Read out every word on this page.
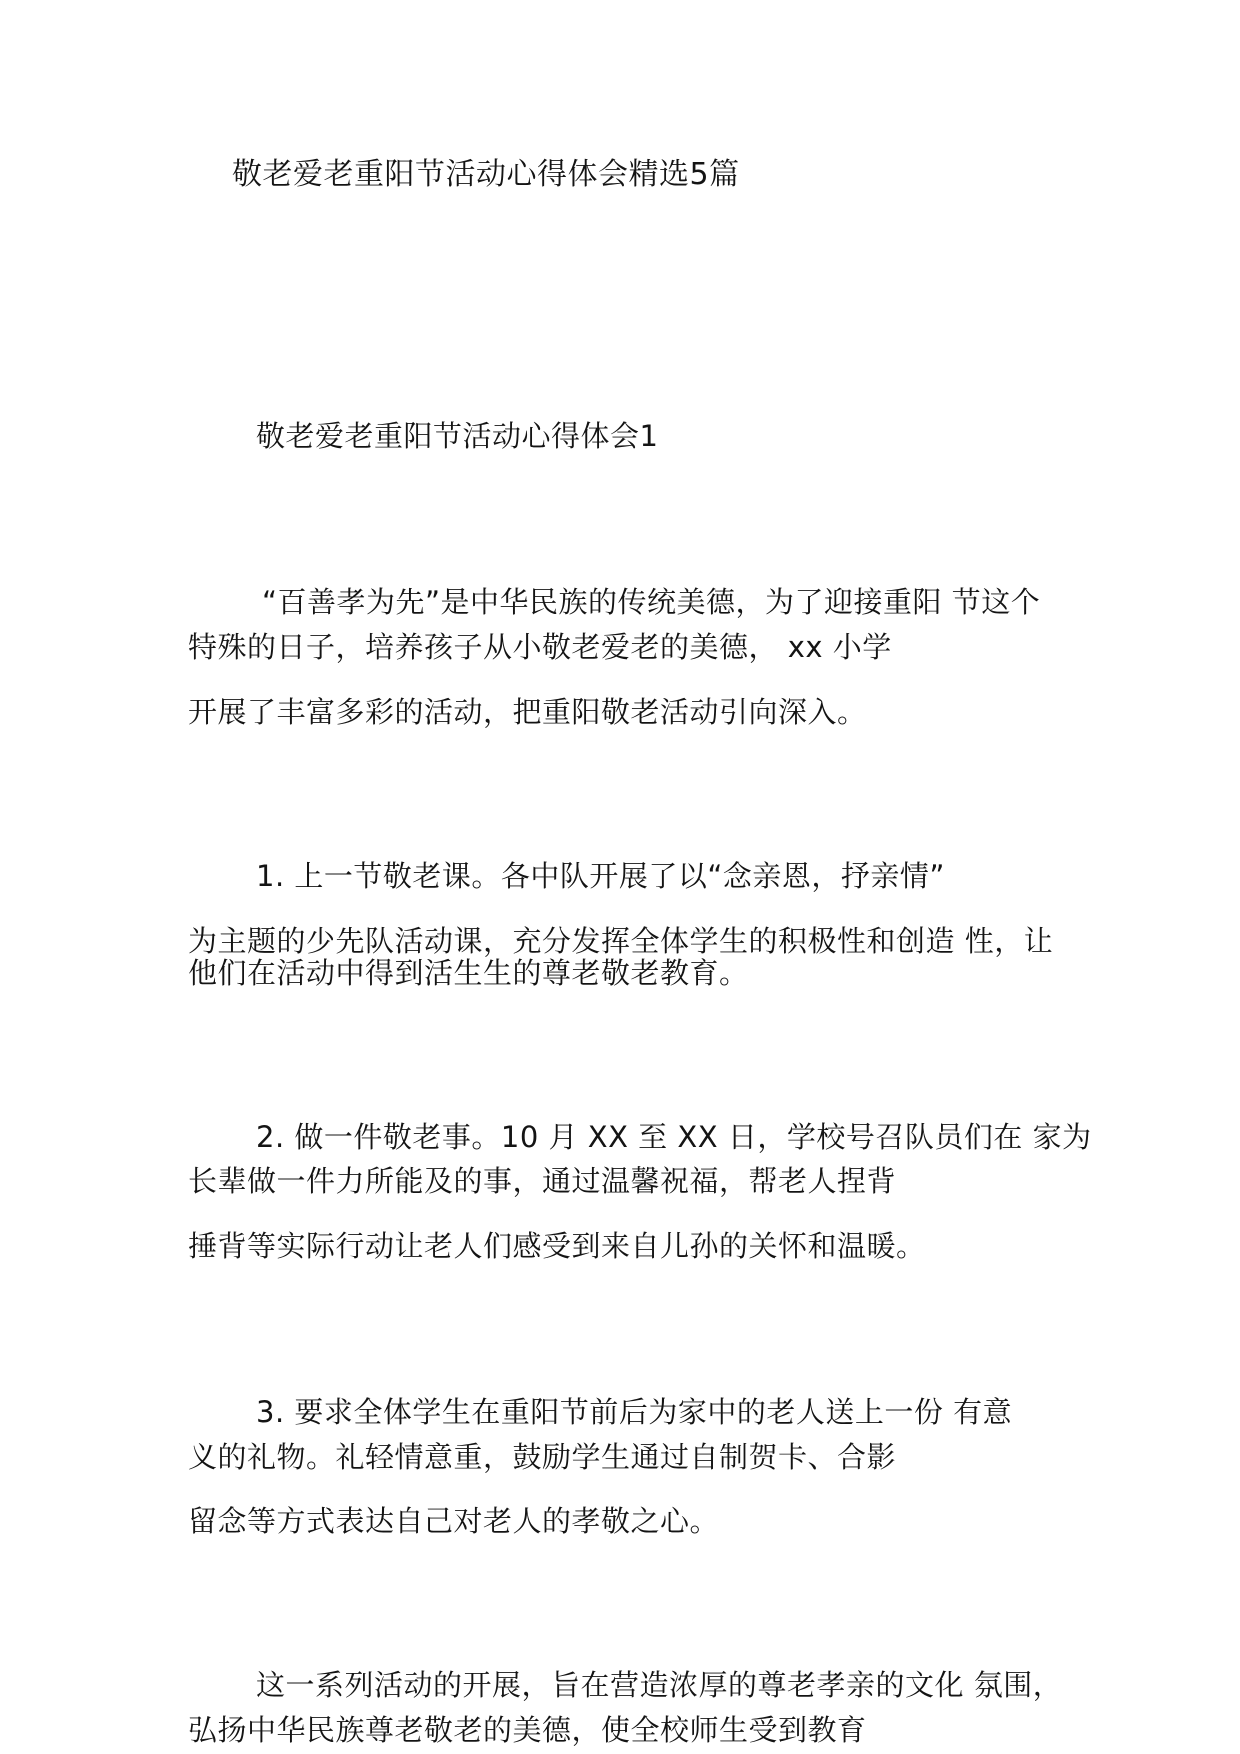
敬老爱老重阳节活动心得体会精选5篇
敬老爱老重阳节活动心得体会1
“百善孝为先”是中华民族的传统美德，为了迎接重阳 节这个
特殊的日子，培养孩子从小敬老爱老的美德， xx 小学
开展了丰富多彩的活动，把重阳敬老活动引向深入。
1. 上一节敬老课。各中队开展了以“念亲恩，抒亲情”
为主题的少先队活动课，充分发挥全体学生的积极性和创造 性，让
他们在活动中得到活生生的尊老敬老教育。
2. 做一件敬老事。10 月 XX 至 XX 日，学校号召队员们在 家为
长辈做一件力所能及的事，通过温馨祝福，帮老人捏背
捶背等实际行动让老人们感受到来自儿孙的关怀和温暖。
3. 要求全体学生在重阳节前后为家中的老人送上一份 有意
义的礼物。礼轻情意重，鼓励学生通过自制贺卡、合影
留念等方式表达自己对老人的孝敬之心。
这一系列活动的开展，旨在营造浓厚的尊老孝亲的文化 氛围，
弘扬中华民族尊老敬老的美德，使全校师生受到教育
